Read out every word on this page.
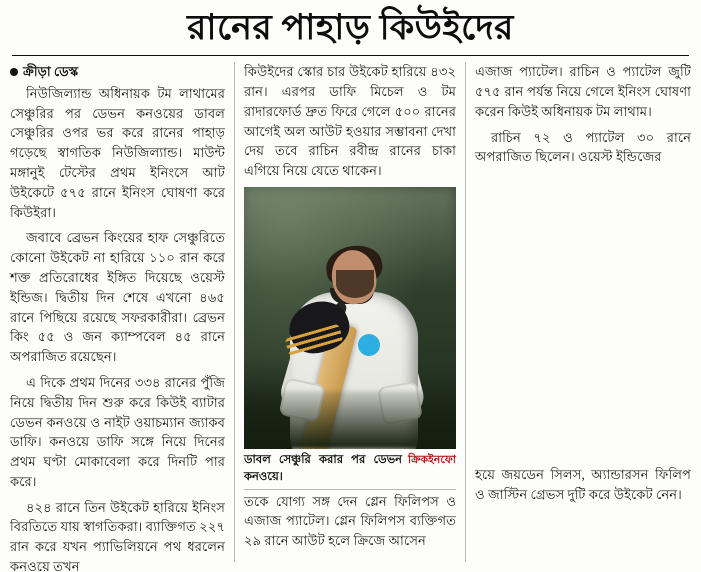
রানের পাহাড় কিউইদের
ক্রীড়া ডেস্ক

নিউজিল্যান্ড অধিনায়ক টম লাথামের সেঞ্চুরির পর ডেভন কনওয়ের ডাবল সেঞ্চুরির ওপর ভর করে রানের পাহাড় গড়েছে স্বাগতিক নিউজিল্যান্ড। মাউন্ট মঙ্গানুই টেস্টের প্রথম ইনিংসে আট উইকেটে ৫৭৫ রানে ইনিংস ঘোষণা করে কিউইরা।

জবাবে ব্রেভন কিংয়ের হাফ সেঞ্চুরিতে কোনো উইকেট না হারিয়ে ১১০ রান করে শক্ত প্রতিরোধের ইঙ্গিত দিয়েছে ওয়েস্ট ইন্ডিজ। দ্বিতীয় দিন শেষে এখনো ৪৬৫ রানে পিছিয়ে রয়েছে সফরকারীরা। ব্রেভন কিং ৫৫ ও জন ক্যাম্পবেল ৪৫ রানে অপরাজিত রয়েছেন।

এ দিকে প্রথম দিনের ৩৩৪ রানের পুঁজি নিয়ে দ্বিতীয় দিন শুরু করে কিউই ব্যাটার ডেভন কনওয়ে ও নাইট ওয়াচম্যান জ্যাকব ডাফি। কনওয়ে ডাফি সঙ্গে নিয়ে দিনের প্রথম ঘণ্টা মোকাবেলা করে দিনটি পার করে।

৪২৪ রানে তিন উইকেট হারিয়ে ইনিংস বিরতিতে যায় স্বাগতিকরা। ব্যাক্তিগত ২২৭ রান করে যখন প্যাভিলিয়নে পথ ধরলেন কনওয়ে তখন

কিউইদের স্কোর চার উইকেট হারিয়ে ৪৩২ রান। এরপর ডাফি মিচেল ও টম রাদারফোর্ড দ্রুত ফিরে গেলে ৫০০ রানের আগেই অল আউট হওয়ার সম্ভাবনা দেখা দেয় তবে রাচিন রবীন্দ্র রানের চাকা এগিয়ে নিয়ে যেতে থাকেন।

ডাবল সেঞ্চুরি করার পর ডেভন কনওয়ে।
ক্রিকইনফো

তকে যোগ্য সঙ্গ দেন গ্লেন ফিলিপস ও এজাজ প্যাটেল। গ্লেন ফিলিপস ব্যক্তিগত ২৯ রানে আউট হলে ক্রিজে আসেন

এজাজ প্যাটেল। রাচিন ও প্যাটেল জুটি ৫৭৫ রান পর্যন্ত নিয়ে গেলে ইনিংস ঘোষণা করেন কিউই অধিনায়ক টম লাথাম।

রাচিন ৭২ ও প্যাটেল ৩০ রানে অপরাজিত ছিলেন। ওয়েস্ট ইন্ডিজের

হয়ে জয়ডেন সিলস, অ্যান্ডারসন ফিলিপ ও জাস্টিন গ্রেভস দুটি করে উইকেট নেন।
